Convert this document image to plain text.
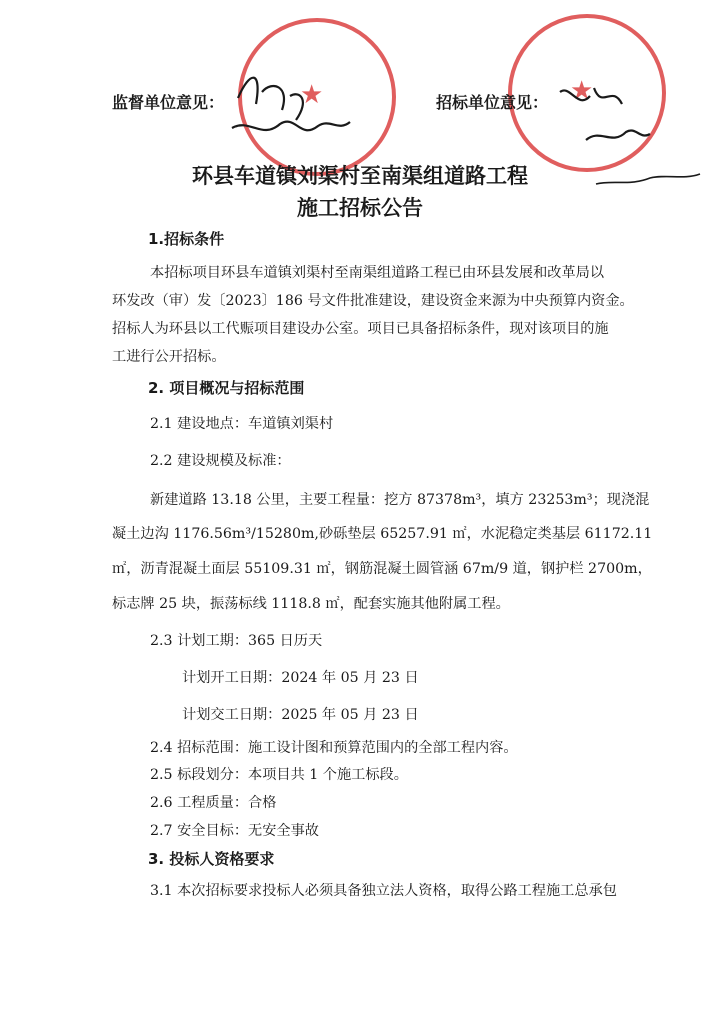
★	★
监督单位意见：	招标单位意见：
环县车道镇刘渠村至南渠组道路工程
施工招标公告
1.招标条件
本招标项目环县车道镇刘渠村至南渠组道路工程已由环县发展和改革局以
环发改（审）发〔2023〕186 号文件批准建设，建设资金来源为中央预算内资金。
招标人为环县以工代赈项目建设办公室。项目已具备招标条件，现对该项目的施
工进行公开招标。
2. 项目概况与招标范围
2.1 建设地点：车道镇刘渠村
2.2 建设规模及标准：
新建道路 13.18 公里，主要工程量：挖方 87378m³，填方 23253m³；现浇混
凝土边沟 1176.56m³/15280m,砂砾垫层 65257.91 ㎡，水泥稳定类基层 61172.11
㎡，沥青混凝土面层 55109.31 ㎡，钢筋混凝土圆管涵 67m/9 道，钢护栏 2700m，
标志牌 25 块，振荡标线 1118.8 ㎡，配套实施其他附属工程。
2.3 计划工期：365 日历天
计划开工日期：2024 年 05 月 23 日
计划交工日期：2025 年 05 月 23 日
2.4 招标范围：施工设计图和预算范围内的全部工程内容。
2.5 标段划分：本项目共 1 个施工标段。
2.6 工程质量：合格
2.7 安全目标：无安全事故
3. 投标人资格要求
3.1 本次招标要求投标人必须具备独立法人资格，取得公路工程施工总承包
